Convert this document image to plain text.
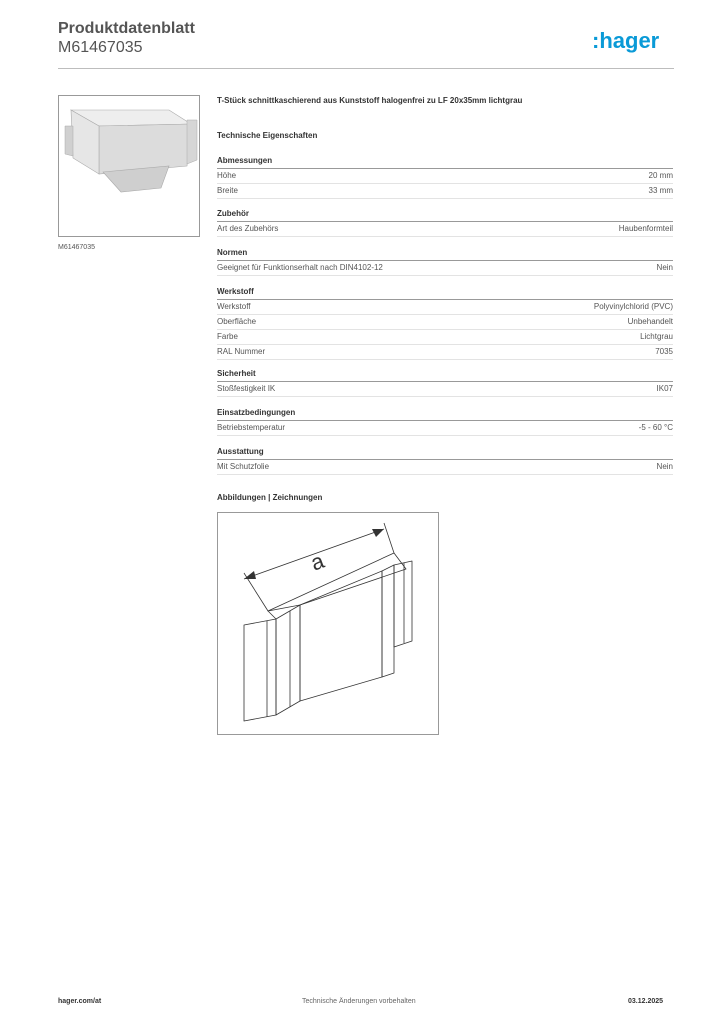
Produktdatenblatt
M61467035	:hager
M61467035
T-Stück schnittkaschierend aus Kunststoff halogenfrei zu LF 20x35mm lichtgrau
Technische Eigenschaften
Abmessungen
Höhe	20 mm
Breite	33 mm
Zubehör
Art des Zubehörs	Haubenformteil
Normen
Geeignet für Funktionserhalt nach DIN4102-12	Nein
Werkstoff
Werkstoff	Polyvinylchlorid (PVC)
Oberfläche	Unbehandelt
Farbe	Lichtgrau
RAL Nummer	7035
Sicherheit
Stoßfestigkeit IK	IK07
Einsatzbedingungen
Betriebstemperatur	-5 - 60 °C
Ausstattung
Mit Schutzfolie	Nein
Abbildungen | Zeichnungen
a
hager.com/at	Technische Änderungen vorbehalten	03.12.2025
